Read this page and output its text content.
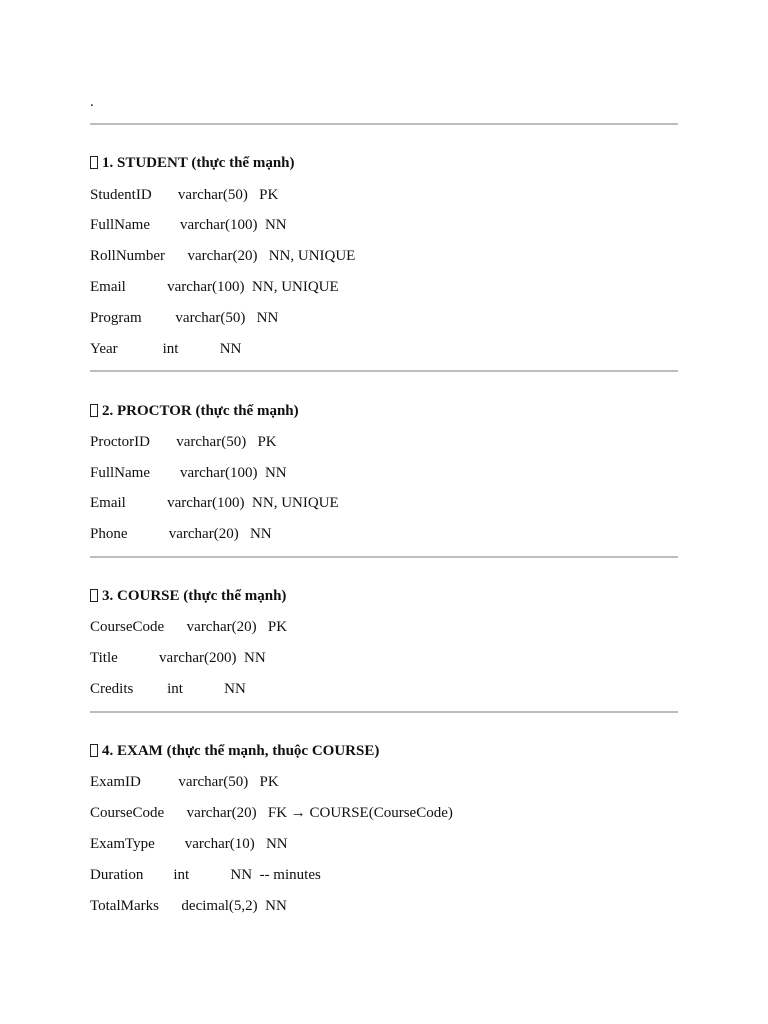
.
1. STUDENT (thực thể mạnh)
StudentID       varchar(50)   PK
FullName        varchar(100)  NN
RollNumber      varchar(20)   NN, UNIQUE
Email           varchar(100)  NN, UNIQUE
Program         varchar(50)   NN
Year            int           NN
2. PROCTOR (thực thể mạnh)
ProctorID       varchar(50)   PK
FullName        varchar(100)  NN
Email           varchar(100)  NN, UNIQUE
Phone           varchar(20)   NN
3. COURSE (thực thể mạnh)
CourseCode      varchar(20)   PK
Title           varchar(200)  NN
Credits         int           NN
4. EXAM (thực thể mạnh, thuộc COURSE)
ExamID          varchar(50)   PK
CourseCode      varchar(20)   FK → COURSE(CourseCode)
ExamType        varchar(10)   NN
Duration        int           NN  -- minutes
TotalMarks      decimal(5,2)  NN
